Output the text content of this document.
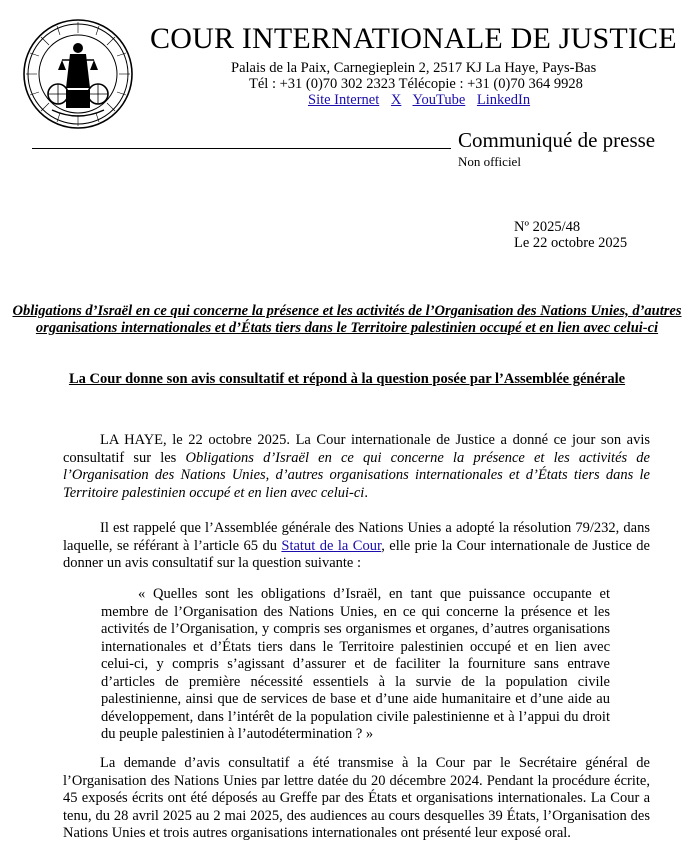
COUR INTERNATIONALE DE JUSTICE
Palais de la Paix, Carnegieplein 2, 2517 KJ La Haye, Pays-Bas
Tél : +31 (0)70 302 2323 Télécopie : +31 (0)70 364 9928
Site Internet X YouTube LinkedIn
Communiqué de presse
Non officiel
Nº 2025/48
Le 22 octobre 2025
Obligations d’Israël en ce qui concerne la présence et les activités de l’Organisation des Nations Unies, d’autres organisations internationales et d’États tiers dans le Territoire palestinien occupé et en lien avec celui-ci
La Cour donne son avis consultatif et répond à la question posée par l’Assemblée générale
LA HAYE, le 22 octobre 2025. La Cour internationale de Justice a donné ce jour son avis consultatif sur les Obligations d’Israël en ce qui concerne la présence et les activités de l’Organisation des Nations Unies, d’autres organisations internationales et d’États tiers dans le Territoire palestinien occupé et en lien avec celui-ci.
Il est rappelé que l’Assemblée générale des Nations Unies a adopté la résolution 79/232, dans laquelle, se référant à l’article 65 du Statut de la Cour, elle prie la Cour internationale de Justice de donner un avis consultatif sur la question suivante :
« Quelles sont les obligations d’Israël, en tant que puissance occupante et membre de l’Organisation des Nations Unies, en ce qui concerne la présence et les activités de l’Organisation, y compris ses organismes et organes, d’autres organisations internationales et d’États tiers dans le Territoire palestinien occupé et en lien avec celui-ci, y compris s’agissant d’assurer et de faciliter la fourniture sans entrave d’articles de première nécessité essentiels à la survie de la population civile palestinienne, ainsi que de services de base et d’une aide humanitaire et d’une aide au développement, dans l’intérêt de la population civile palestinienne et à l’appui du droit du peuple palestinien à l’autodétermination ? »
La demande d’avis consultatif a été transmise à la Cour par le Secrétaire général de l’Organisation des Nations Unies par lettre datée du 20 décembre 2024. Pendant la procédure écrite, 45 exposés écrits ont été déposés au Greffe par des États et organisations internationales. La Cour a tenu, du 28 avril 2025 au 2 mai 2025, des audiences au cours desquelles 39 États, l’Organisation des Nations Unies et trois autres organisations internationales ont présenté leur exposé oral.
